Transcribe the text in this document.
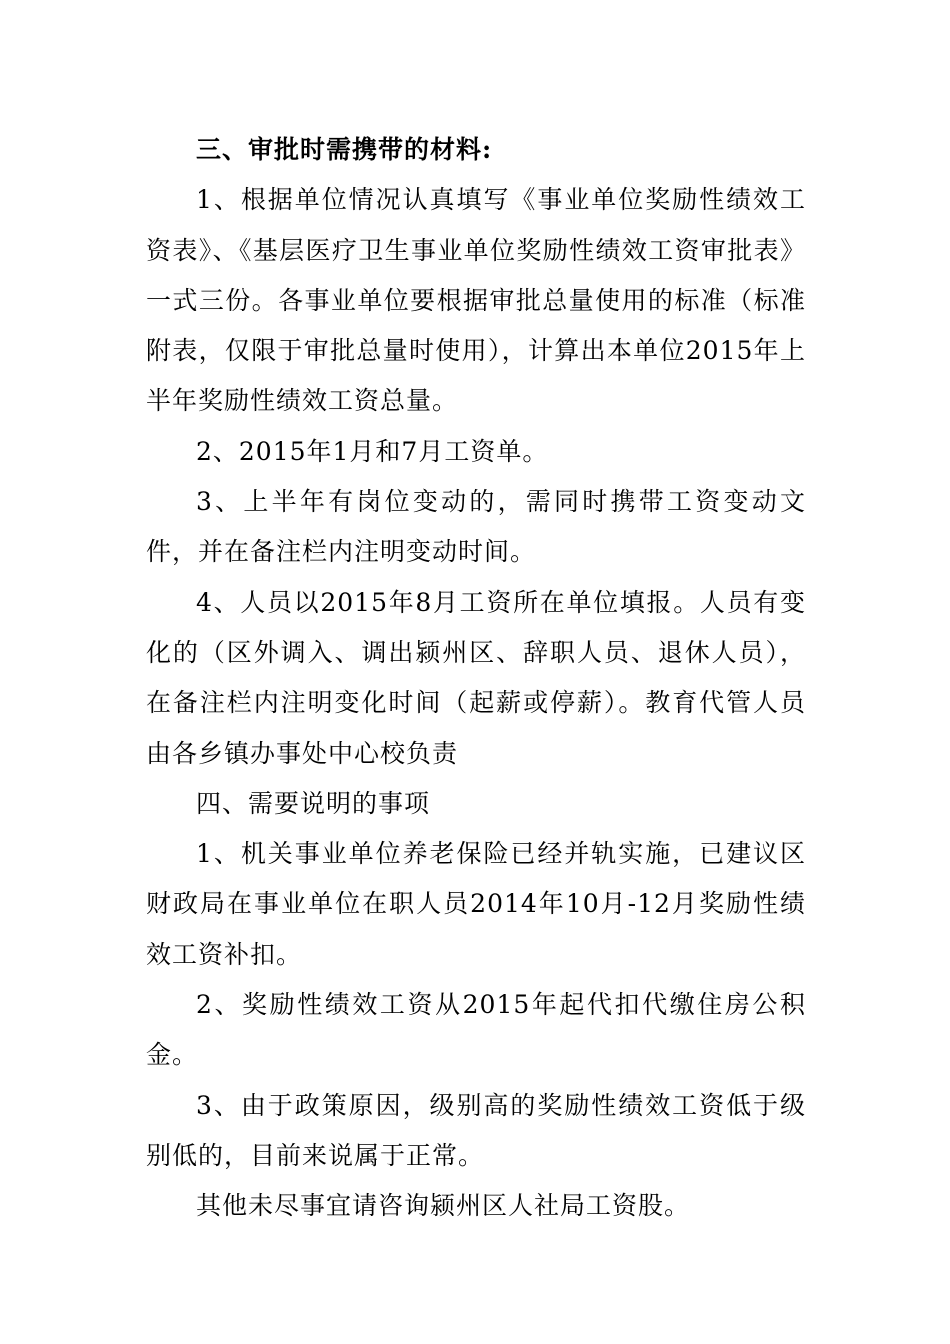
三、审批时需携带的材料:

1、根据单位情况认真填写《事业单位奖励性绩效工资表》、《基层医疗卫生事业单位奖励性绩效工资审批表》一式三份。各事业单位要根据审批总量使用的标准（标准附表，仅限于审批总量时使用），计算出本单位2015年上半年奖励性绩效工资总量。

2、2015年1月和7月工资单。

3、上半年有岗位变动的，需同时携带工资变动文件，并在备注栏内注明变动时间。

4、人员以2015年8月工资所在单位填报。人员有变化的（区外调入、调出颍州区、辞职人员、退休人员），在备注栏内注明变化时间（起薪或停薪）。教育代管人员由各乡镇办事处中心校负责

四、需要说明的事项

1、机关事业单位养老保险已经并轨实施，已建议区财政局在事业单位在职人员2014年10月-12月奖励性绩效工资补扣。

2、奖励性绩效工资从2015年起代扣代缴住房公积金。

3、由于政策原因，级别高的奖励性绩效工资低于级别低的，目前来说属于正常。

其他未尽事宜请咨询颍州区人社局工资股。
